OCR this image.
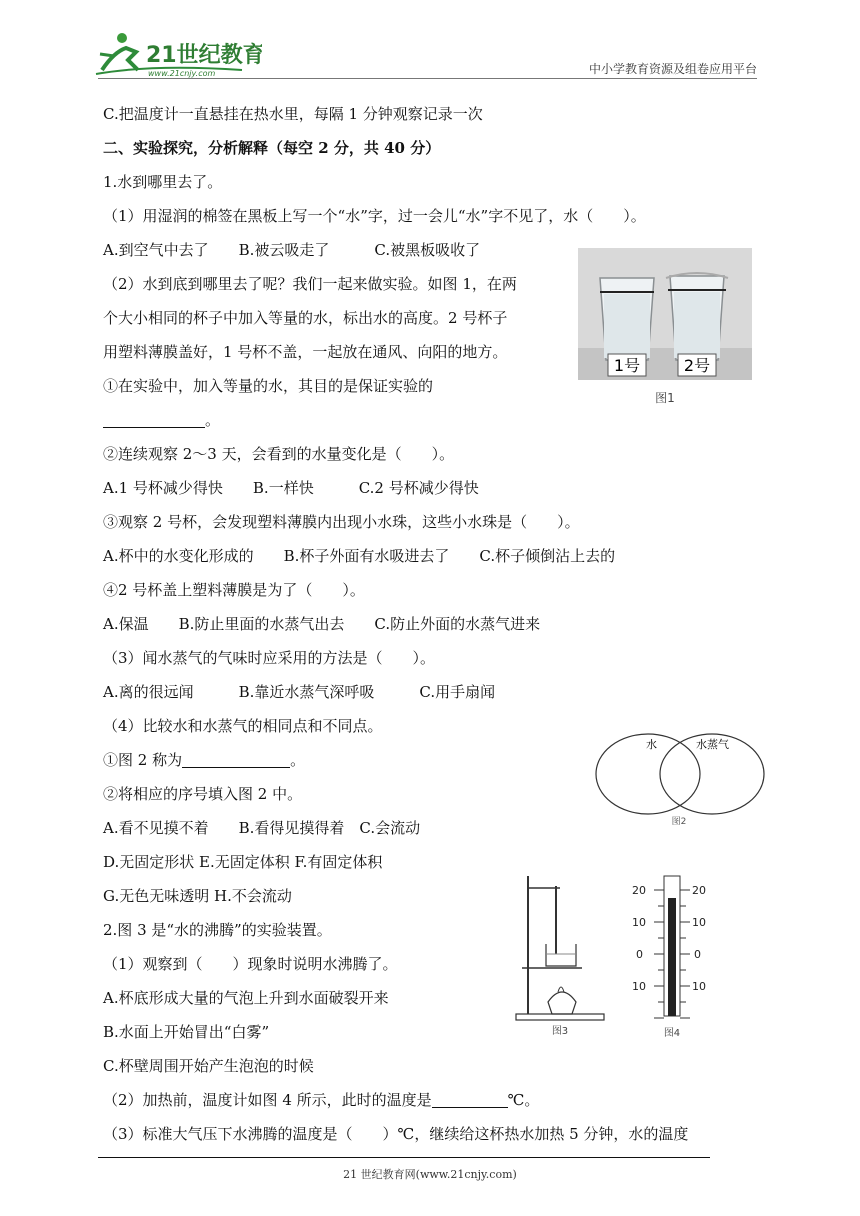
21世纪教育
www.21cnjy.com	中小学教育资源及组卷应用平台
C.把温度计一直悬挂在热水里，每隔 1 分钟观察记录一次
二、实验探究，分析解释（每空 2 分，共 40 分）
1.水到哪里去了。
（1）用湿润的棉签在黑板上写一个“水”字，过一会儿“水”字不见了，水（　　）。
A.到空气中去了　　B.被云吸走了　　　C.被黑板吸收了
（2）水到底到哪里去了呢？我们一起来做实验。如图 1，在两
个大小相同的杯子中加入等量的水，标出水的高度。2 号杯子
用塑料薄膜盖好，1 号杯不盖，一起放在通风、向阳的地方。
①在实验中，加入等量的水，其目的是保证实验的
。
②连续观察 2～3 天，会看到的水量变化是（　　）。
A.1 号杯减少得快　　B.一样快　　　C.2 号杯减少得快
③观察 2 号杯，会发现塑料薄膜内出现小水珠，这些小水珠是（　　）。
A.杯中的水变化形成的　　B.杯子外面有水吸进去了　　C.杯子倾倒沾上去的
④2 号杯盖上塑料薄膜是为了（　　）。
A.保温　　B.防止里面的水蒸气出去　　C.防止外面的水蒸气进来
（3）闻水蒸气的气味时应采用的方法是（　　）。
A.离的很远闻　　　B.靠近水蒸气深呼吸　　　C.用手扇闻
（4）比较水和水蒸气的相同点和不同点。
①图 2 称为	。
②将相应的序号填入图 2 中。
A.看不见摸不着　　B.看得见摸得着　C.会流动
D.无固定形状 E.无固定体积 F.有固定体积
G.无色无味透明 H.不会流动
2.图 3 是“水的沸腾”的实验装置。
（1）观察到（　　）现象时说明水沸腾了。
A.杯底形成大量的气泡上升到水面破裂开来
B.水面上开始冒出“白雾”
C.杯壁周围开始产生泡泡的时候
（2）加热前，温度计如图 4 所示，此时的温度是	℃。
（3）标准大气压下水沸腾的温度是（　　）℃，继续给这杯热水加热 5 分钟，水的温度
1号	2号
图1
水	水蒸气
图2
图3
20	20
10	10
0	0
10	10
图4
21 世纪教育网(www.21cnjy.com)
